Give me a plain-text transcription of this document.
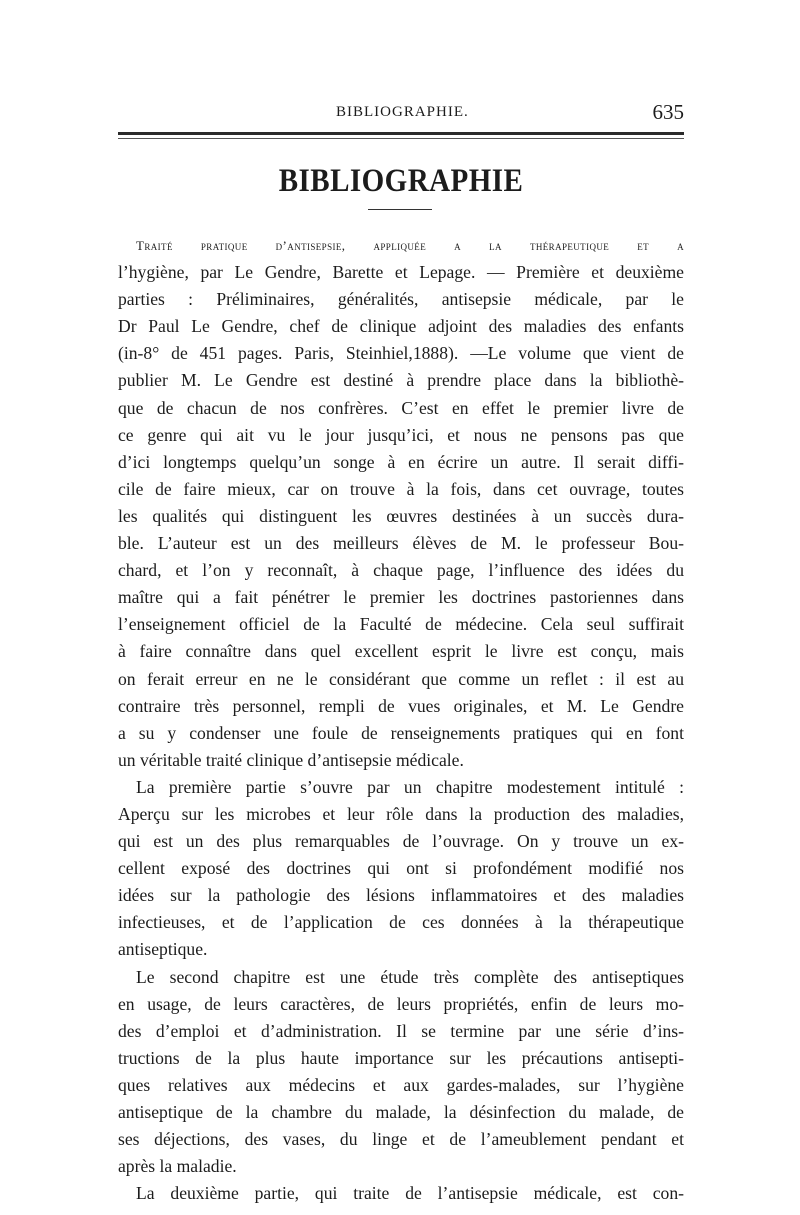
BIBLIOGRAPHIE.	635
BIBLIOGRAPHIE

Traité pratique d’antisepsie, appliquée a la thérapeutique et a

l’hygiène, par Le Gendre, Barette et Lepage. — Première et deuxième

parties : Préliminaires, généralités, antisepsie médicale, par le

Dr Paul Le Gendre, chef de clinique adjoint des maladies des enfants

(in-8° de 451 pages. Paris, Steinhiel,1888). —Le volume que vient de

publier M. Le Gendre est destiné à prendre place dans la bibliothè-

que de chacun de nos confrères. C’est en effet le premier livre de

ce genre qui ait vu le jour jusqu’ici, et nous ne pensons pas que

d’ici longtemps quelqu’un songe à en écrire un autre. Il serait diffi-

cile de faire mieux, car on trouve à la fois, dans cet ouvrage, toutes

les qualités qui distinguent les œuvres destinées à un succès dura-

ble. L’auteur est un des meilleurs élèves de M. le professeur Bou-

chard, et l’on y reconnaît, à chaque page, l’influence des idées du

maître qui a fait pénétrer le premier les doctrines pastoriennes dans

l’enseignement officiel de la Faculté de médecine. Cela seul suffirait

à faire connaître dans quel excellent esprit le livre est conçu, mais

on ferait erreur en ne le considérant que comme un reflet : il est au

contraire très personnel, rempli de vues originales, et M. Le Gendre

a su y condenser une foule de renseignements pratiques qui en font

un véritable traité clinique d’antisepsie médicale.

La première partie s’ouvre par un chapitre modestement intitulé :

Aperçu sur les microbes et leur rôle dans la production des maladies,

qui est un des plus remarquables de l’ouvrage. On y trouve un ex-

cellent exposé des doctrines qui ont si profondément modifié nos

idées sur la pathologie des lésions inflammatoires et des maladies

infectieuses, et de l’application de ces données à la thérapeutique

antiseptique.

Le second chapitre est une étude très complète des antiseptiques

en usage, de leurs caractères, de leurs propriétés, enfin de leurs mo-

des d’emploi et d’administration. Il se termine par une série d’ins-

tructions de la plus haute importance sur les précautions antisepti-

ques relatives aux médecins et aux gardes-malades, sur l’hygiène

antiseptique de la chambre du malade, la désinfection du malade, de

ses déjections, des vases, du linge et de l’ameublement pendant et

après la maladie.

La deuxième partie, qui traite de l’antisepsie médicale, est con-
